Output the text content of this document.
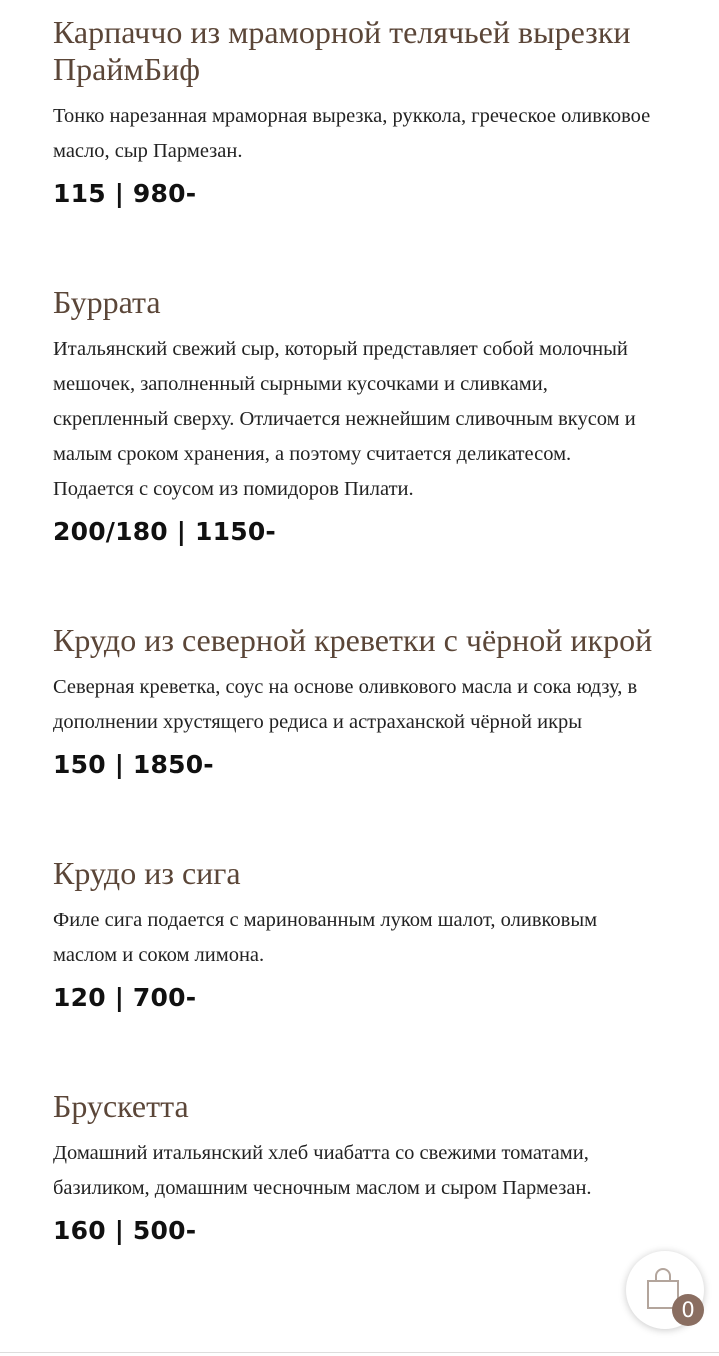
Карпаччо из мраморной телячьей вырезки ПраймБиф

Тонко нарезанная мраморная вырезка, руккола, греческое оливковое масло, сыр Пармезан.

115 | 980-
Буррата

Итальянский свежий сыр, который представляет собой молочный мешочек, заполненный сырными кусочками и сливками, скрепленный сверху. Отличается нежнейшим сливочным вкусом и малым сроком хранения, а поэтому считается деликатесом. Подается с соусом из помидоров Пилати.

200/180 | 1150-
Крудо из северной креветки с чёрной икрой

Северная креветка, соус на основе оливкового масла и сока юдзу, в дополнении хрустящего редиса и астраханской чёрной икры

150 | 1850-
Крудо из сига

Филе сига подается с маринованным луком шалот, оливковым маслом и соком лимона.

120 | 700-
Брускетта

Домашний итальянский хлеб чиабатта со свежими томатами, базиликом, домашним чесночным маслом и сыром Пармезан.

160 | 500-
0
